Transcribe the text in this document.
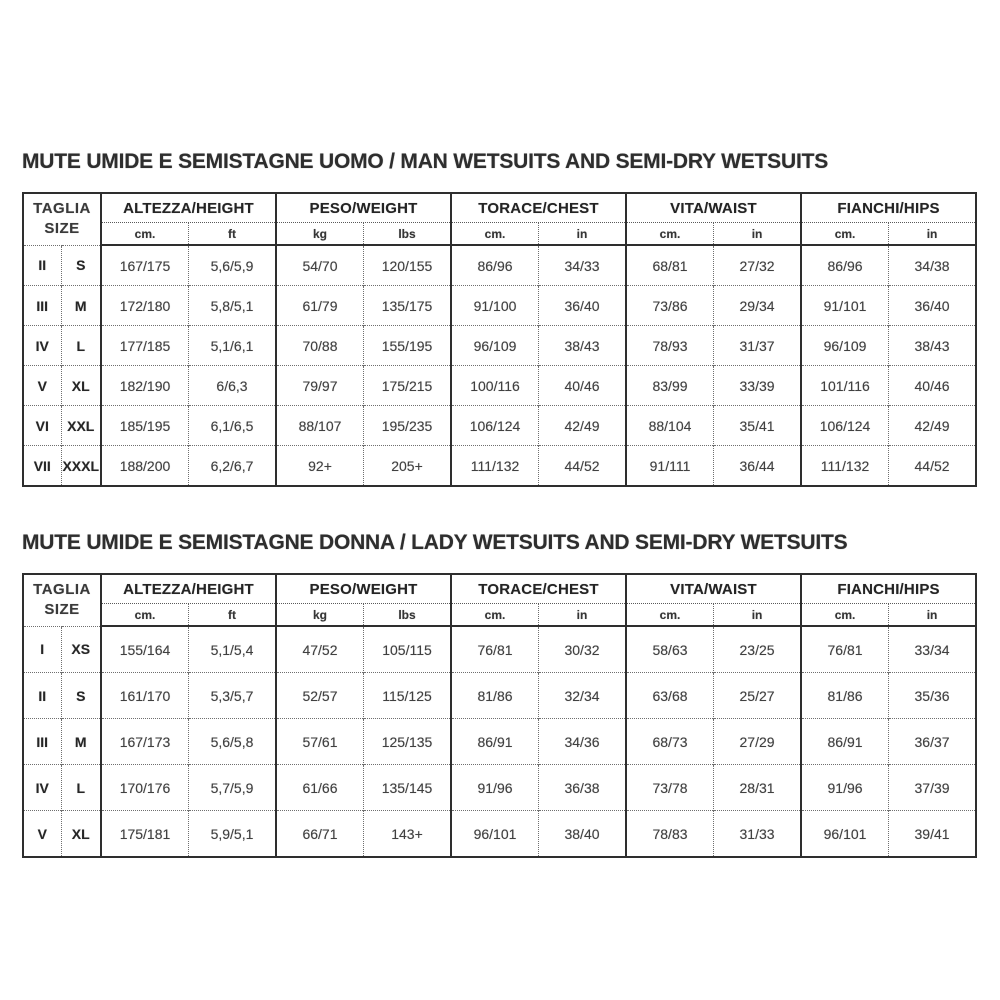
MUTE UMIDE E SEMISTAGNE UOMO / MAN WETSUITS AND SEMI-DRY WETSUITS
TAGLIA
SIZE		ALTEZZA/HEIGHT		PESO/WEIGHT		TORACE/CHEST		VITA/WAIST		FIANCHI/HIPS	
		cm.	ft	kg	lbs	cm.	in	cm.	in	cm.	in
II	S	167/175	5,6/5,9	54/70	120/155	86/96	34/33	68/81	27/32	86/96	34/38
III	M	172/180	5,8/5,1	61/79	135/175	91/100	36/40	73/86	29/34	91/101	36/40
IV	L	177/185	5,1/6,1	70/88	155/195	96/109	38/43	78/93	31/37	96/109	38/43
V	XL	182/190	6/6,3	79/97	175/215	100/116	40/46	83/99	33/39	101/116	40/46
VI	XXL	185/195	6,1/6,5	88/107	195/235	106/124	42/49	88/104	35/41	106/124	42/49
VII	XXXL	188/200	6,2/6,7	92+	205+	111/132	44/52	91/111	36/44	111/132	44/52
MUTE UMIDE E SEMISTAGNE DONNA / LADY WETSUITS AND SEMI-DRY WETSUITS
TAGLIA
SIZE		ALTEZZA/HEIGHT		PESO/WEIGHT		TORACE/CHEST		VITA/WAIST		FIANCHI/HIPS	
		cm.	ft	kg	lbs	cm.	in	cm.	in	cm.	in
I	XS	155/164	5,1/5,4	47/52	105/115	76/81	30/32	58/63	23/25	76/81	33/34
II	S	161/170	5,3/5,7	52/57	115/125	81/86	32/34	63/68	25/27	81/86	35/36
III	M	167/173	5,6/5,8	57/61	125/135	86/91	34/36	68/73	27/29	86/91	36/37
IV	L	170/176	5,7/5,9	61/66	135/145	91/96	36/38	73/78	28/31	91/96	37/39
V	XL	175/181	5,9/5,1	66/71	143+	96/101	38/40	78/83	31/33	96/101	39/41
